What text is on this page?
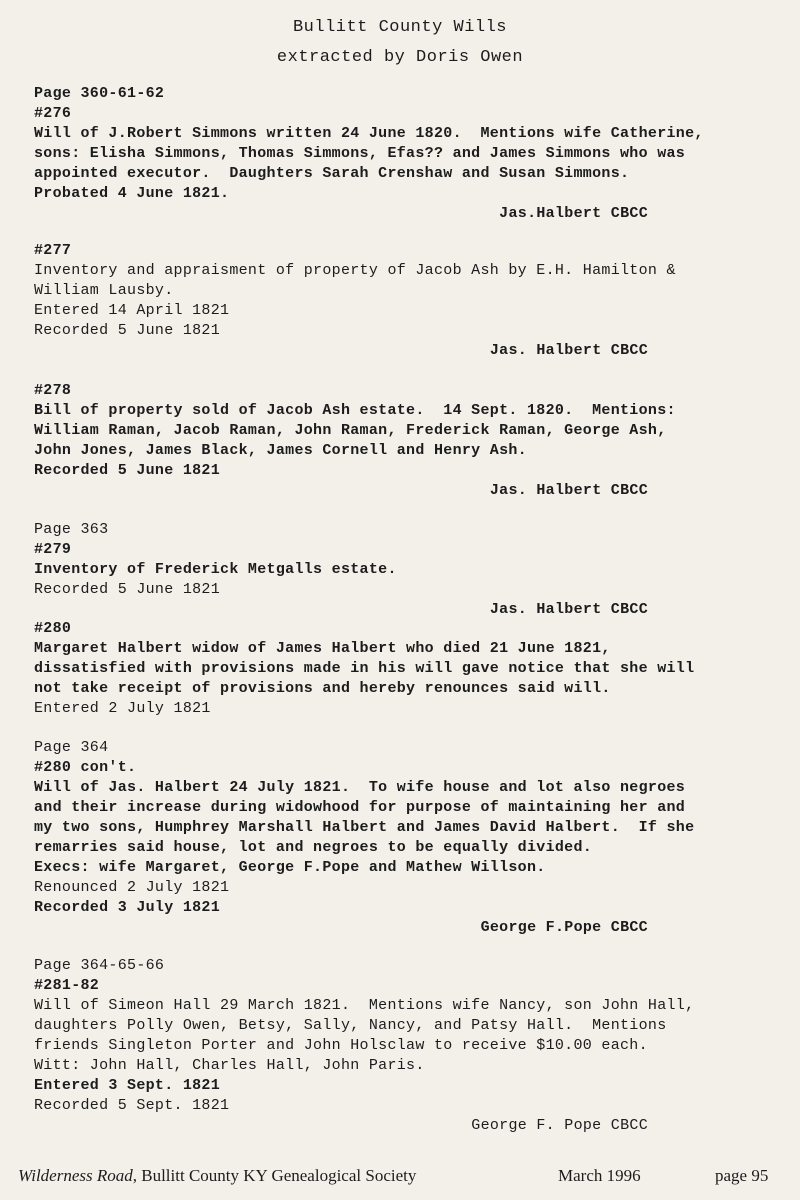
Bullitt County Wills
extracted by Doris Owen
Page 360-61-62
#276
Will of J.Robert Simmons written 24 June 1820.  Mentions wife Catherine,
sons: Elisha Simmons, Thomas Simmons, Efas?? and James Simmons who was
appointed executor.  Daughters Sarah Crenshaw and Susan Simmons.
Probated 4 June 1821.
Jas.Halbert CBCC
#277
Inventory and appraisment of property of Jacob Ash by E.H. Hamilton &
William Lausby.
Entered 14 April 1821
Recorded 5 June 1821
Jas. Halbert CBCC
#278
Bill of property sold of Jacob Ash estate.  14 Sept. 1820.  Mentions:
William Raman, Jacob Raman, John Raman, Frederick Raman, George Ash,
John Jones, James Black, James Cornell and Henry Ash.
Recorded 5 June 1821
Jas. Halbert CBCC
Page 363
#279
Inventory of Frederick Metgalls estate.
Recorded 5 June 1821
Jas. Halbert CBCC
#280
Margaret Halbert widow of James Halbert who died 21 June 1821,
dissatisfied with provisions made in his will gave notice that she will
not take receipt of provisions and hereby renounces said will.
Entered 2 July 1821
Page 364
#280 con't.
Will of Jas. Halbert 24 July 1821.  To wife house and lot also negroes
and their increase during widowhood for purpose of maintaining her and
my two sons, Humphrey Marshall Halbert and James David Halbert.  If she
remarries said house, lot and negroes to be equally divided.
Execs: wife Margaret, George F.Pope and Mathew Willson.
Renounced 2 July 1821
Recorded 3 July 1821
George F.Pope CBCC
Page 364-65-66
#281-82
Will of Simeon Hall 29 March 1821.  Mentions wife Nancy, son John Hall,
daughters Polly Owen, Betsy, Sally, Nancy, and Patsy Hall.  Mentions
friends Singleton Porter and John Holsclaw to receive $10.00 each.
Witt: John Hall, Charles Hall, John Paris.
Entered 3 Sept. 1821
Recorded 5 Sept. 1821
George F. Pope CBCC
Wilderness Road, Bullitt County KY Genealogical Society	March 1996	page 95
